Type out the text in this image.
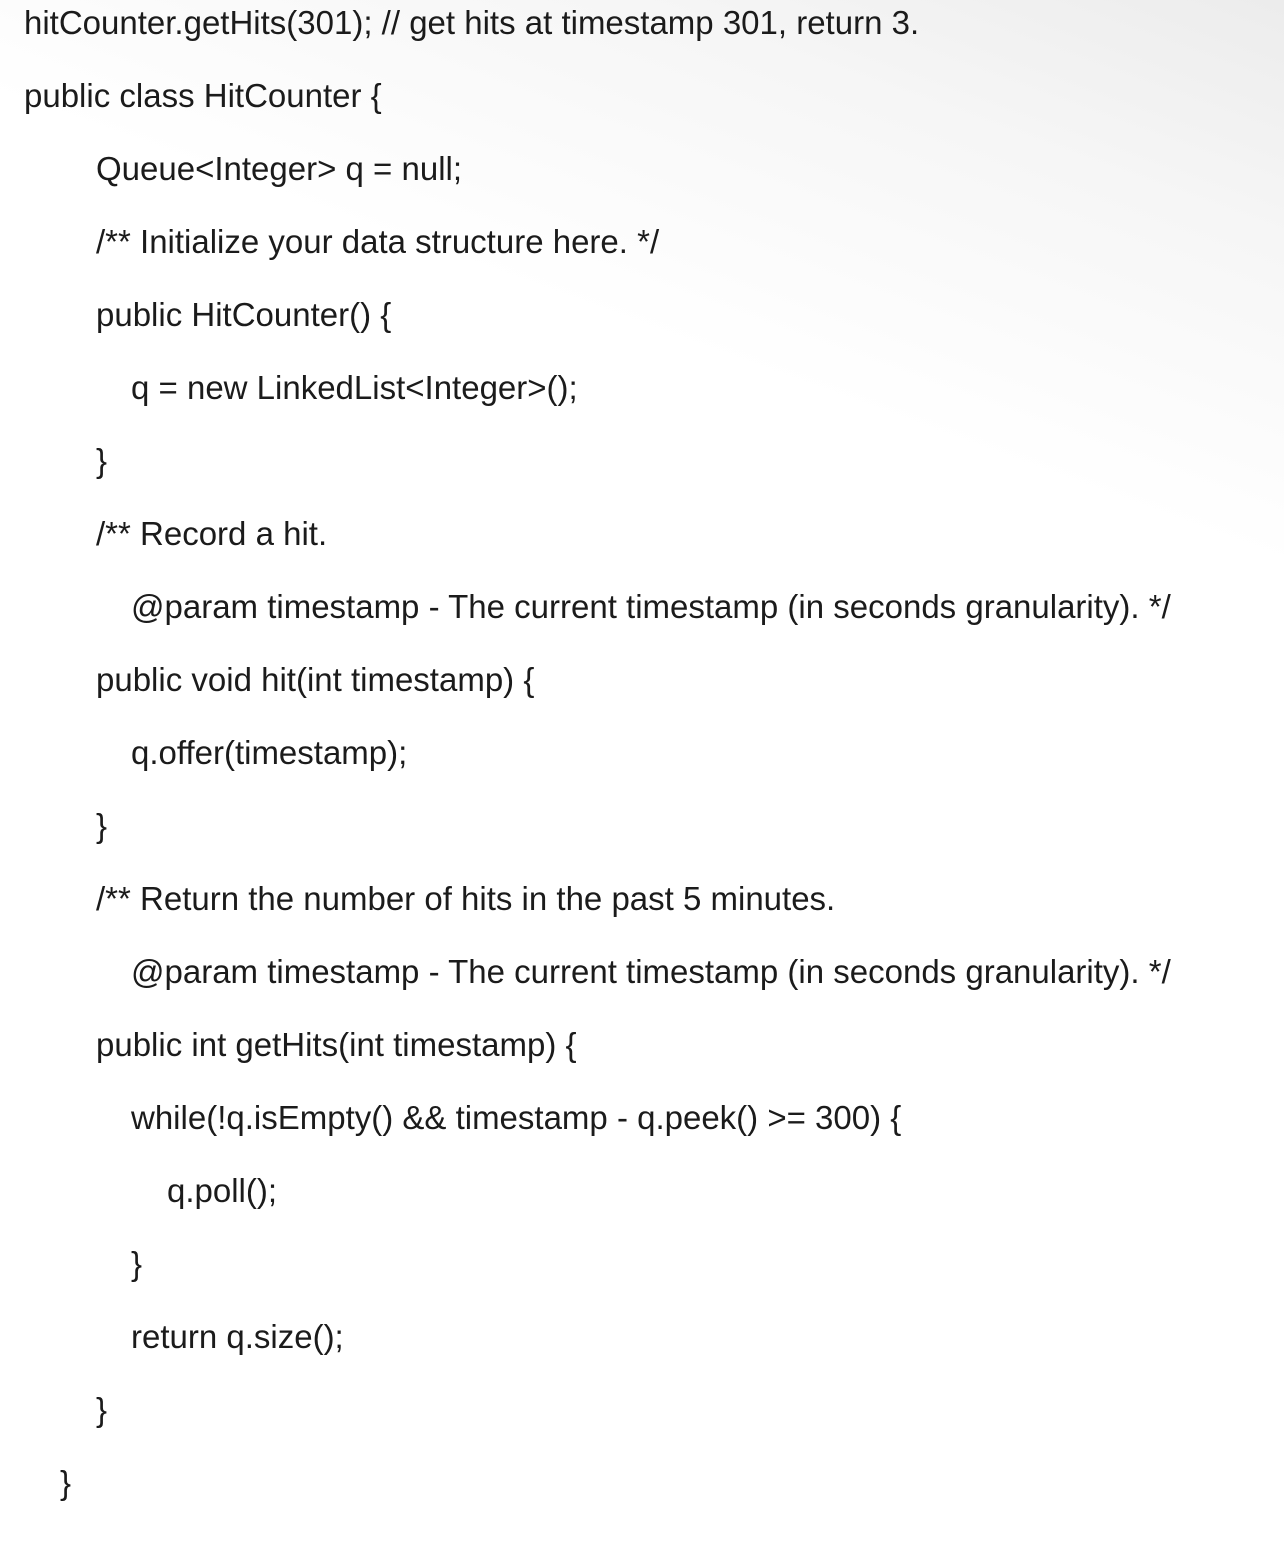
hitCounter.getHits(301); // get hits at timestamp 301, return 3.
public class HitCounter {
Queue<Integer> q = null;
/** Initialize your data structure here. */
public HitCounter() {
q = new LinkedList<Integer>();
}
/** Record a hit.
@param timestamp - The current timestamp (in seconds granularity). */
public void hit(int timestamp) {
q.offer(timestamp);
}
/** Return the number of hits in the past 5 minutes.
@param timestamp - The current timestamp (in seconds granularity). */
public int getHits(int timestamp) {
while(!q.isEmpty() && timestamp - q.peek() >= 300) {
q.poll();
}
return q.size();
}
}
